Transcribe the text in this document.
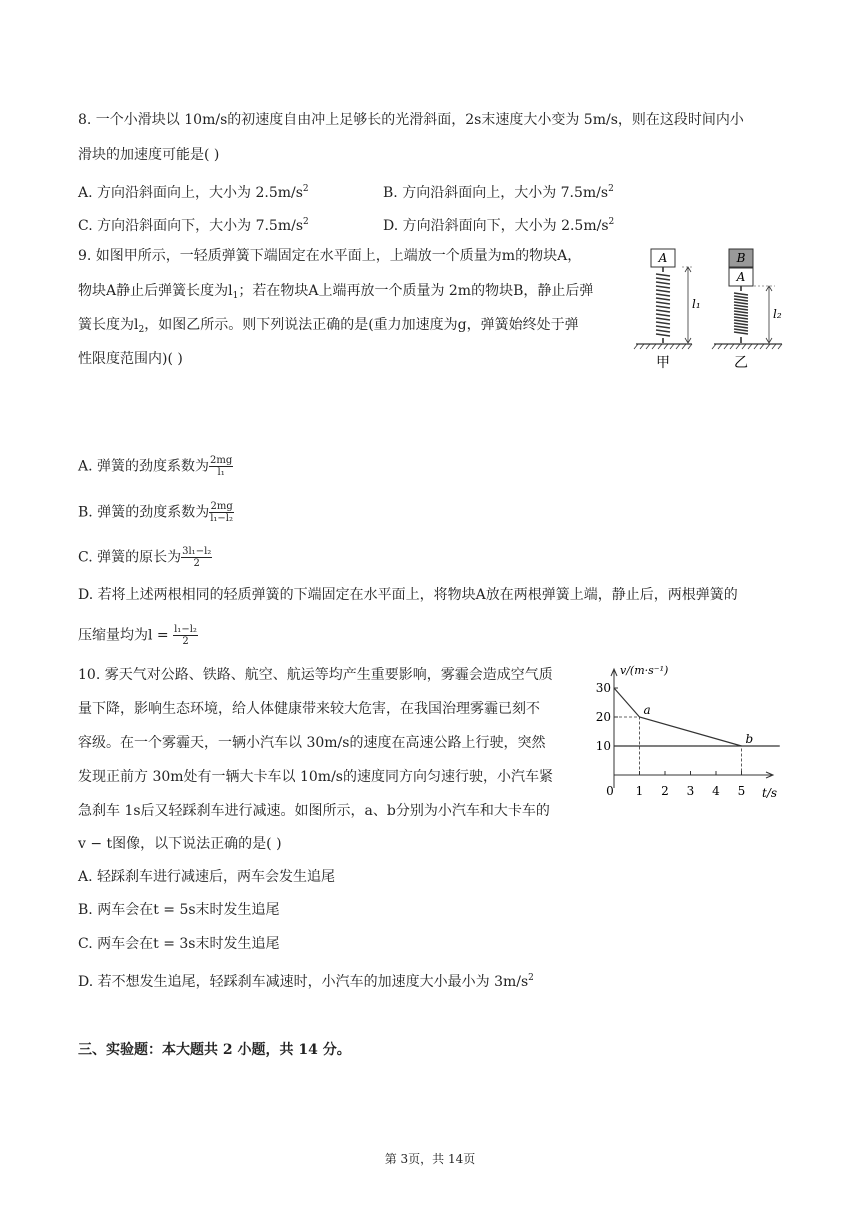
8. 一个小滑块以 10m/s的初速度自由冲上足够长的光滑斜面，2s末速度大小变为 5m/s，则在这段时间内小
滑块的加速度可能是( )
A. 方向沿斜面向上，大小为 $2.5m/s^2$	B. 方向沿斜面向上，大小为 $7.5m/s^2$
C. 方向沿斜面向下，大小为 $7.5m/s^2$	D. 方向沿斜面向下，大小为 $2.5m/s^2$
9. 如图甲所示，一轻质弹簧下端固定在水平面上，上端放一个质量为m的物块A，
物块A静止后弹簧长度为$l_1$；若在物块A上端再放一个质量为 2m的物块B，静止后弹
簧长度为$l_2$，如图乙所示。则下列说法正确的是(重力加速度为g，弹簧始终处于弹
性限度范围内)( )
A
l₁
甲
B
A
l₂
乙
A. 弹簧的劲度系数为 $\frac{2mg}{\text{l₁}}$
B. 弹簧的劲度系数为 $\frac{2mg}{\text{l₁−l₂}}$
C. 弹簧的原长为 $\frac{\text{3l₁−l₂}}{2}$
D. 若将上述两根相同的轻质弹簧的下端固定在水平面上，将物块A放在两根弹簧上端，静止后，两根弹簧的
压缩量均为$l = \frac{\text{l₁−l₂}}{2}$
10. 雾天气对公路、铁路、航空、航运等均产生重要影响，雾霾会造成空气质
量下降，影响生态环境，给人体健康带来较大危害，在我国治理雾霾已刻不
容级。在一个雾霾天，一辆小汽车以 30m/s的速度在高速公路上行驶，突然
发现正前方 30m处有一辆大卡车以 10m/s的速度同方向匀速行驶，小汽车紧
急刹车 1s后又轻踩刹车进行减速。如图所示，a、b分别为小汽车和大卡车的
v − t图像，以下说法正确的是( )
A. 轻踩刹车进行减速后，两车会发生追尾
B. 两车会在t = 5s末时发生追尾
C. 两车会在t = 3s末时发生追尾
D. 若不想发生追尾，轻踩刹车减速时，小汽车的加速度大小最小为 $3m/s^2$
v/(m·s⁻¹)
t/s
10
20
30
0 1 2 3 4 5
a
b
三、实验题：本大题共 2 小题，共 14 分。
第 3页，共 14页
